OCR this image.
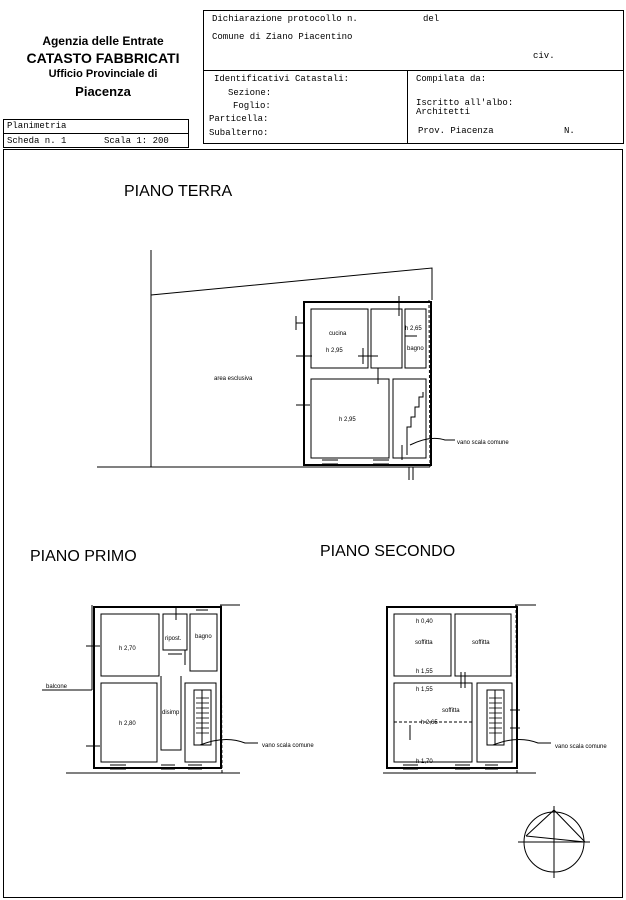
Agenzia delle Entrate
CATASTO FABBRICATI
Ufficio Provinciale di
Piacenza
Dichiarazione protocollo n.	del
Comune di Ziano Piacentino
civ.
Identificativi Catastali:
Sezione:
Foglio:
Particella:
Subalterno:
Compilata da:
Iscritto all'albo:
Architetti
Prov. Piacenza	N.
Planimetria
Scheda n. 1	Scala 1: 200
PIANO TERRA
PIANO PRIMO	PIANO SECONDO
area esclusiva
cucina
h 2,95
h 2,65
bagno
h 2,95
vano scala comune
h 2,70
ripost. bagno
balcone
disimp
h 2,80
vano scala comune
h 0,40
soffitta	soffitta
h 1,55
h 1,55
soffitta
h 2,65
h 1,70
vano scala comune
